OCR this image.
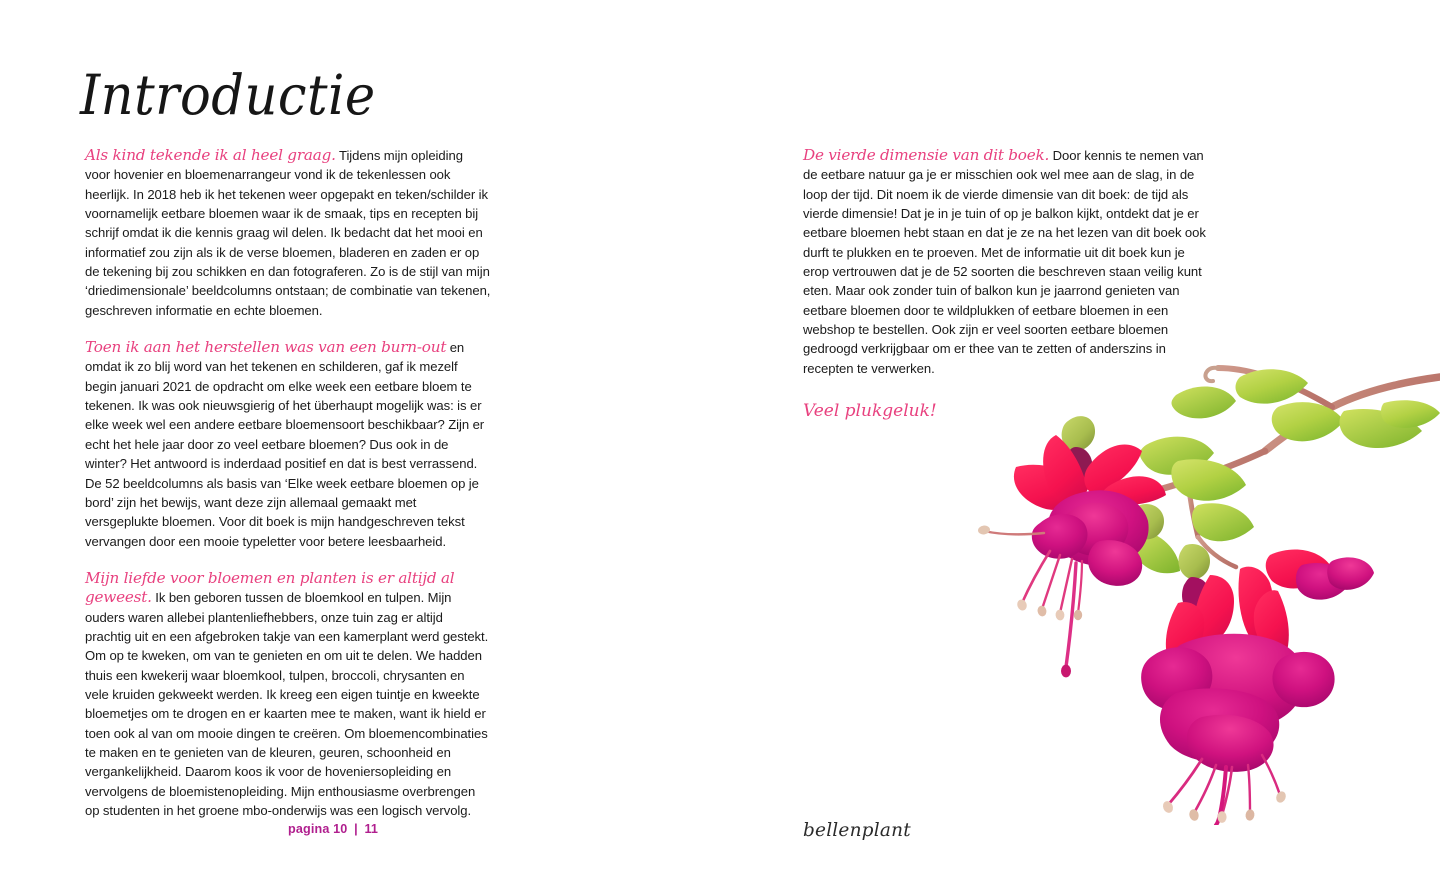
Introductie

Als kind tekende ik al heel graag. Tijdens mijn opleiding voor hovenier en bloemenarrangeur vond ik de tekenlessen ook heerlijk. In 2018 heb ik het tekenen weer opgepakt en teken/schilder ik voornamelijk eetbare bloemen waar ik de smaak, tips en recepten bij schrijf omdat ik die kennis graag wil delen. Ik bedacht dat het mooi en informatief zou zijn als ik de verse bloemen, bladeren en zaden er op de tekening bij zou schikken en dan fotograferen. Zo is de stijl van mijn ‘driedimensionale’ beeldcolumns ontstaan; de combinatie van tekenen, geschreven informatie en echte bloemen.

Toen ik aan het herstellen was van een burn-out en omdat ik zo blij word van het tekenen en schilderen, gaf ik mezelf begin januari 2021 de opdracht om elke week een eetbare bloem te tekenen. Ik was ook nieuwsgierig of het überhaupt mogelijk was: is er elke week wel een andere eetbare bloemensoort beschikbaar? Zijn er echt het hele jaar door zo veel eetbare bloemen? Dus ook in de winter? Het antwoord is inderdaad positief en dat is best verrassend. De 52 beeldcolumns als basis van ‘Elke week eetbare bloemen op je bord’ zijn het bewijs, want deze zijn allemaal gemaakt met versgeplukte bloemen. Voor dit boek is mijn handgeschreven tekst vervangen door een mooie typeletter voor betere leesbaarheid.

Mijn liefde voor bloemen en planten is er altijd al geweest. Ik ben geboren tussen de bloemkool en tulpen. Mijn ouders waren allebei plantenliefhebbers, onze tuin zag er altijd prachtig uit en een afgebroken takje van een kamerplant werd gestekt. Om op te kweken, om van te genieten en om uit te delen. We hadden thuis een kwekerij waar bloemkool, tulpen, broccoli, chrysanten en vele kruiden gekweekt werden. Ik kreeg een eigen tuintje en kweekte bloemetjes om te drogen en er kaarten mee te maken, want ik hield er toen ook al van om mooie dingen te creëren. Om bloemencombinaties te maken en te genieten van de kleuren, geuren, schoonheid en vergankelijkheid. Daarom koos ik voor de hoveniersopleiding en vervolgens de bloemistenopleiding. Mijn enthousiasme overbrengen op studenten in het groene mbo-onderwijs was een logisch vervolg.

De vierde dimensie van dit boek. Door kennis te nemen van de eetbare natuur ga je er misschien ook wel mee aan de slag, in de loop der tijd. Dit noem ik de vierde dimensie van dit boek: de tijd als vierde dimensie! Dat je in je tuin of op je balkon kijkt, ontdekt dat je er eetbare bloemen hebt staan en dat je ze na het lezen van dit boek ook durft te plukken en te proeven. Met de informatie uit dit boek kun je erop vertrouwen dat je de 52 soorten die beschreven staan veilig kunt eten. Maar ook zonder tuin of balkon kun je jaarrond genieten van eetbare bloemen door te wildplukken of eetbare bloemen in een webshop te bestellen. Ook zijn er veel soorten eetbare bloemen gedroogd verkrijgbaar om er thee van te zetten of anderszins in recepten te verwerken.

Veel plukgeluk!

pagina 10 | 11	bellenplant
